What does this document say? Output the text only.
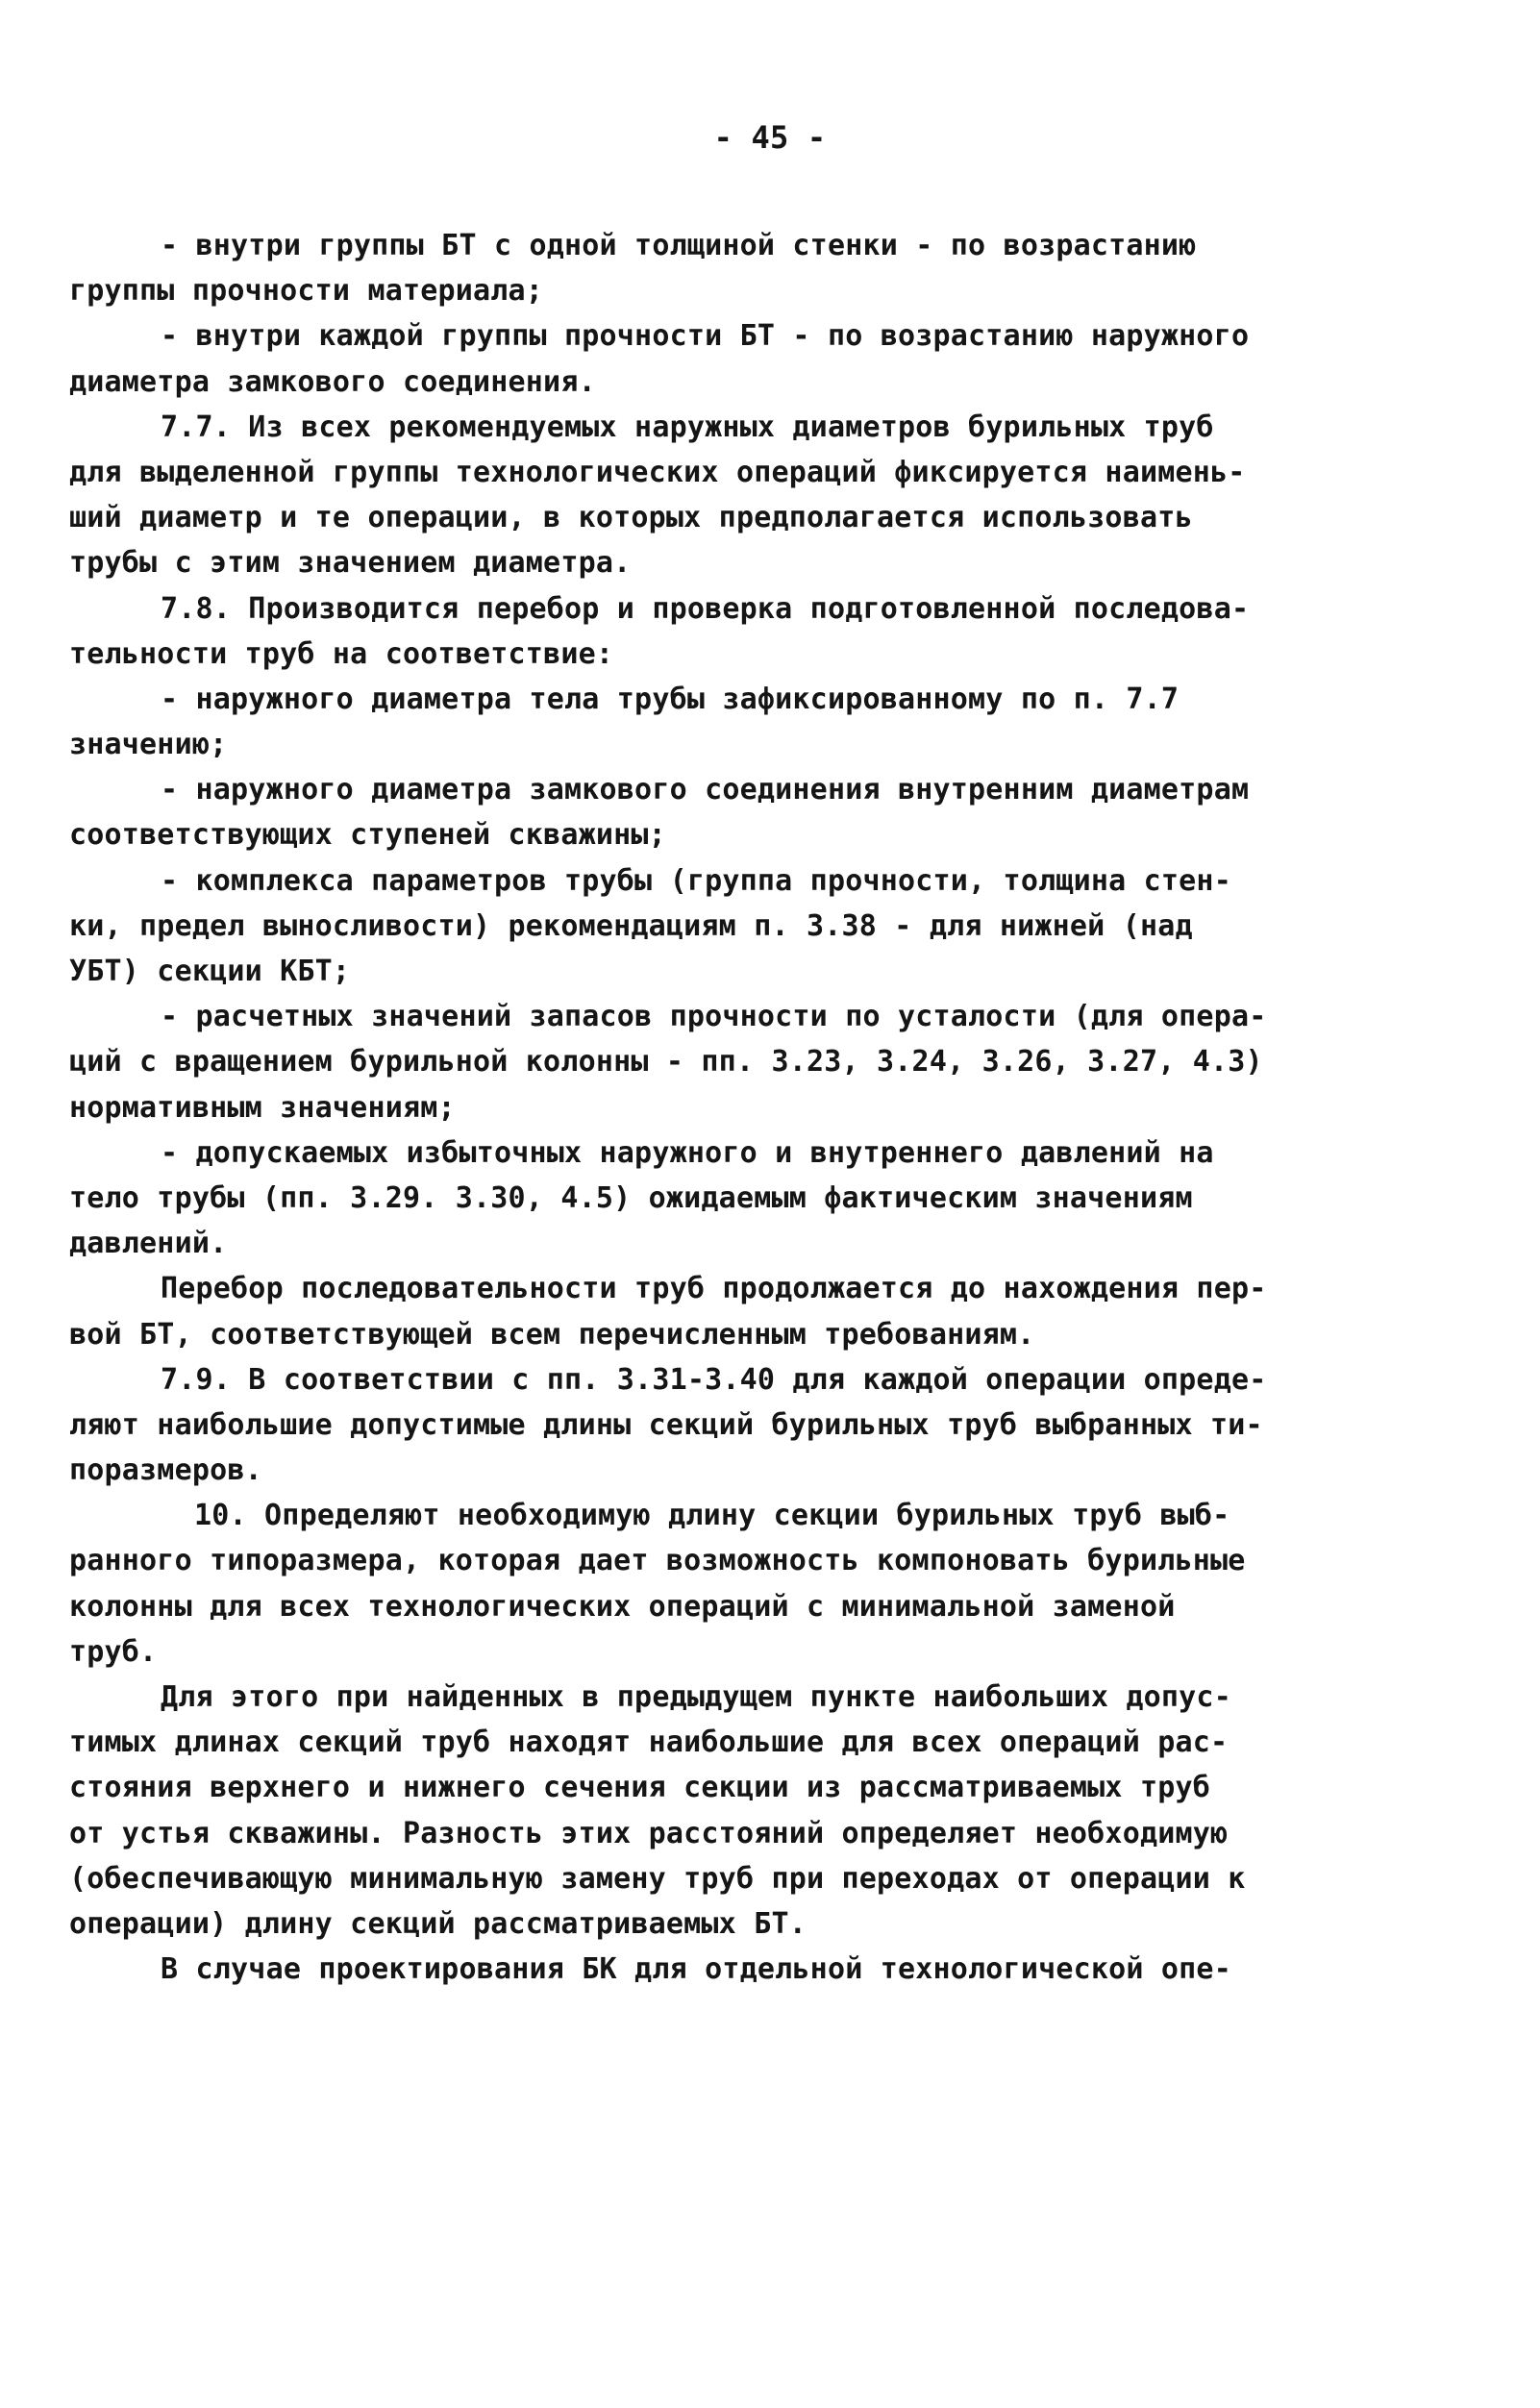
- 45 -
- внутри группы БТ с одной толщиной стенки - по возрастанию
группы прочности материала;
- внутри каждой группы прочности БТ - по возрастанию наружного
диаметра замкового соединения.
7.7. Из всех рекомендуемых наружных диаметров бурильных труб
для выделенной группы технологических операций фиксируется наимень-
ший диаметр и те операции, в которых предполагается использовать
трубы с этим значением диаметра.
7.8. Производится перебор и проверка подготовленной последова-
тельности труб на соответствие:
- наружного диаметра тела трубы зафиксированному по п. 7.7
значению;
- наружного диаметра замкового соединения внутренним диаметрам
соответствующих ступеней скважины;
- комплекса параметров трубы (группа прочности, толщина стен-
ки, предел выносливости) рекомендациям п. 3.38 - для нижней (над
УБТ) секции КБТ;
- расчетных значений запасов прочности по усталости (для опера-
ций с вращением бурильной колонны - пп. 3.23, 3.24, 3.26, 3.27, 4.3)
нормативным значениям;
- допускаемых избыточных наружного и внутреннего давлений на
тело трубы (пп. 3.29. 3.30, 4.5) ожидаемым фактическим значениям
давлений.
Перебор последовательности труб продолжается до нахождения пер-
вой БТ, соответствующей всем перечисленным требованиям.
7.9. В соответствии с пп. 3.31-3.40 для каждой операции опреде-
ляют наибольшие допустимые длины секций бурильных труб выбранных ти-
поразмеров.
10. Определяют необходимую длину секции бурильных труб выб-
ранного типоразмера, которая дает возможность компоновать бурильные
колонны для всех технологических операций с минимальной заменой
труб.
Для этого при найденных в предыдущем пункте наибольших допус-
тимых длинах секций труб находят наибольшие для всех операций рас-
стояния верхнего и нижнего сечения секции из рассматриваемых труб
от устья скважины. Разность этих расстояний определяет необходимую
(обеспечивающую минимальную замену труб при переходах от операции к
операции) длину секций рассматриваемых БТ.
В случае проектирования БК для отдельной технологической опе-
